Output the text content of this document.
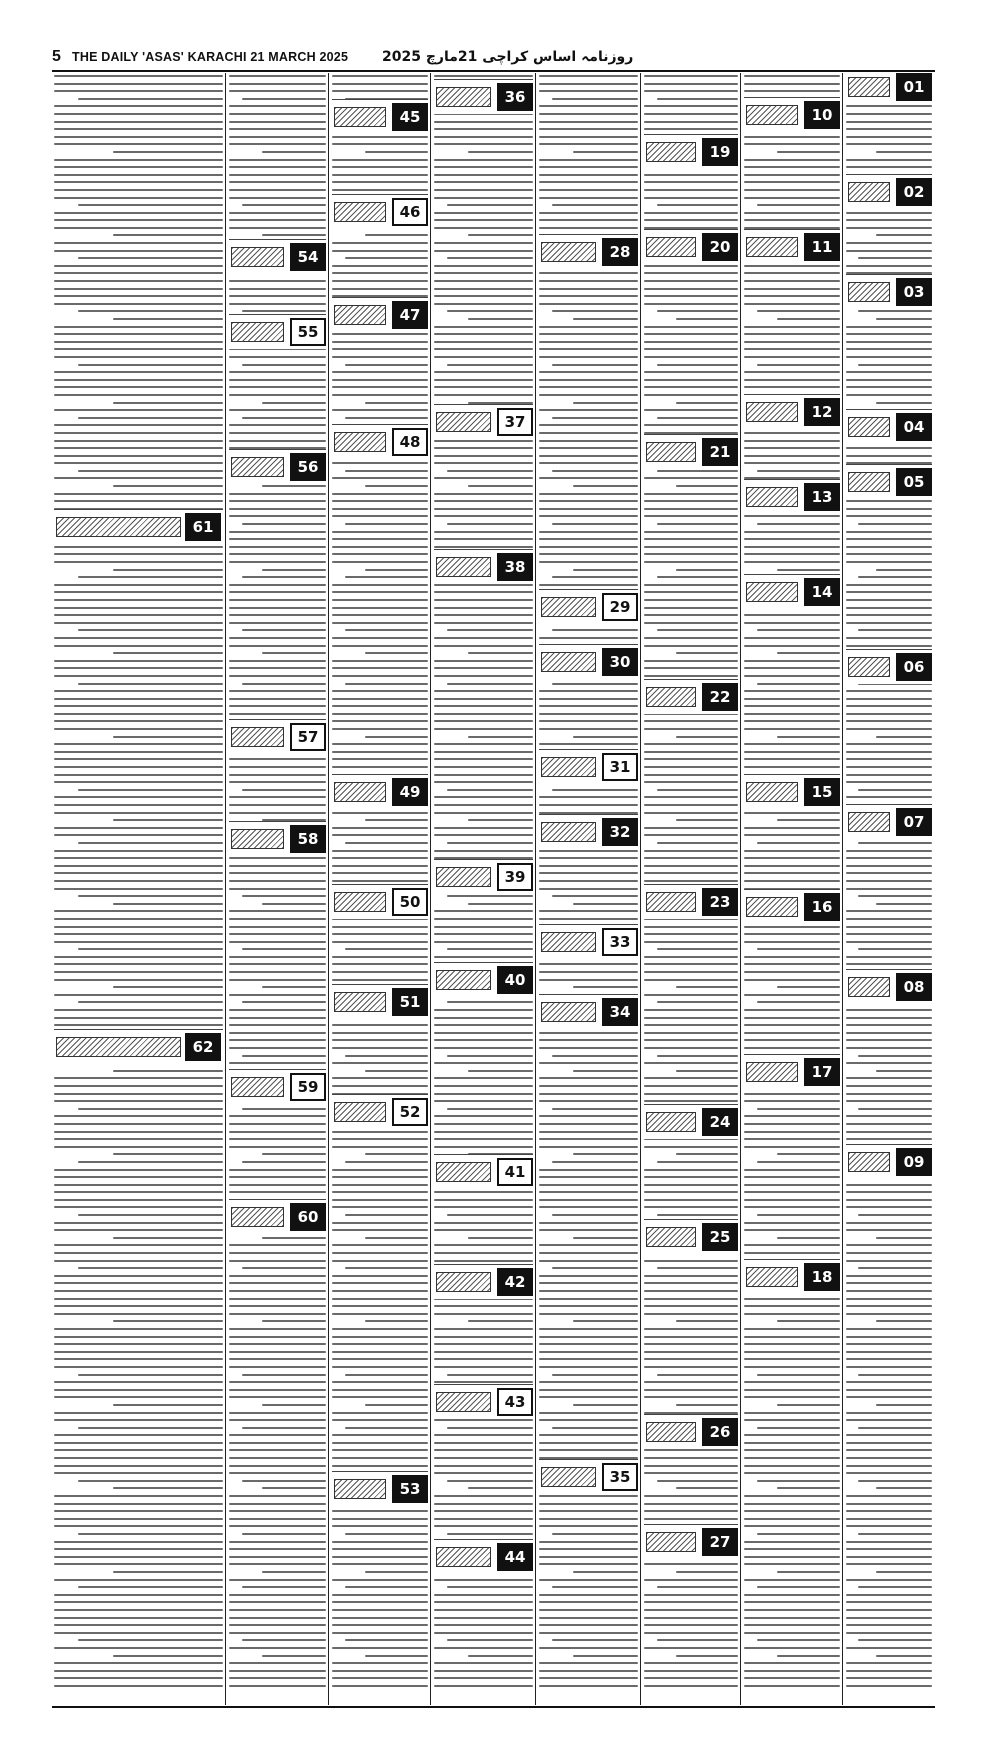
5 THE DAILY 'ASAS' KARACHI 21 MARCH 2025 روزنامہ اساس کراچی 21مارچ 2025
01
02
03
04
05
06
07
08
09
10
11
12
13
14
15
16
17
18
19
20
21
22
23
24
25
26
27
28
29
30
31
32
33
34
35
36
37
38
39
40
41
42
43
44
45
46
47
48
49
50
51
52
53
54
55
56
57
58
59
60
61
62
